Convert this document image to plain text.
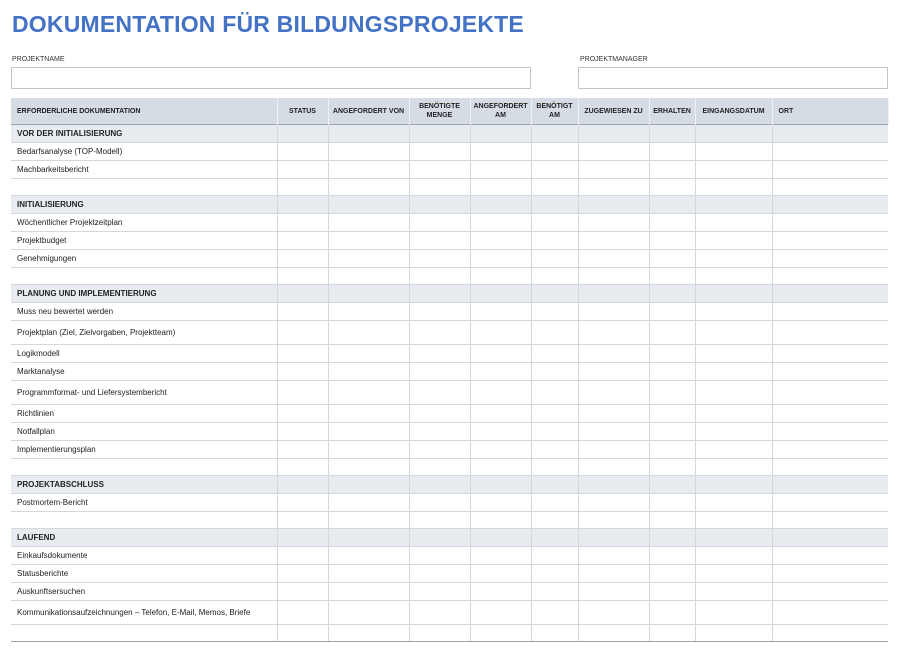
DOKUMENTATION FÜR BILDUNGSPROJEKTE
PROJEKTNAME	PROJEKTMANAGER
ERFORDERLICHE DOKUMENTATION	STATUS	ANGEFORDERT VON	BENÖTIGTE MENGE	ANGEFORDERT AM	BENÖTIGT AM	ZUGEWIESEN ZU	ERHALTEN	EINGANGSDATUM	ORT
VOR DER INITIALISIERUNG									
Bedarfsanalyse (TOP-Modell)									
Machbarkeitsbericht									

INITIALISIERUNG									
Wöchentlicher Projektzeitplan									
Projektbudget									
Genehmigungen									

PLANUNG UND IMPLEMENTIERUNG									
Muss neu bewertet werden									
Projektplan (Ziel, Zielvorgaben, Projektteam)									
Logikmodell									
Marktanalyse									
Programmformat- und Liefersystembericht									
Richtlinien									
Notfallplan									
Implementierungsplan									

PROJEKTABSCHLUSS									
Postmortem-Bericht									

LAUFEND									
Einkaufsdokumente									
Statusberichte									
Auskunftsersuchen									
Kommunikationsaufzeichnungen – Telefon, E-Mail, Memos, Briefe									
